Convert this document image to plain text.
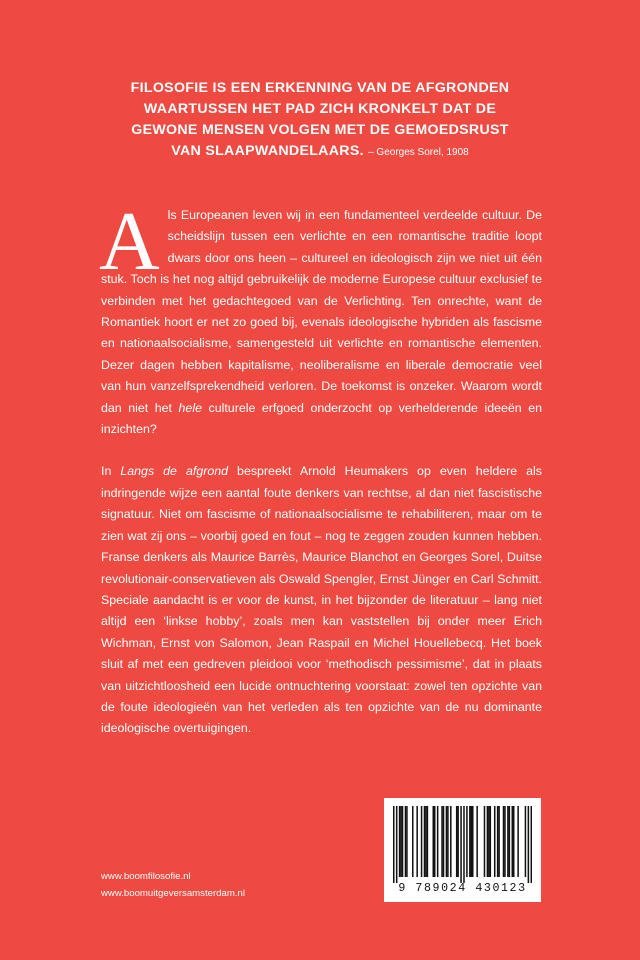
FILOSOFIE IS EEN ERKENNING VAN DE AFGRONDEN WAARTUSSEN HET PAD ZICH KRONKELT DAT DE GEWONE MENSEN VOLGEN MET DE GEMOEDSRUST VAN SLAAPWANDELAARS. – Georges Sorel, 1908

Als Europeanen leven wij in een fundamenteel verdeelde cultuur. De scheidslijn tussen een verlichte en een romantische traditie loopt dwars door ons heen – cultureel en ideologisch zijn we niet uit één stuk. Toch is het nog altijd gebruikelijk de moderne Europese cultuur exclusief te verbinden met het gedachtegoed van de Verlichting. Ten onrechte, want de Romantiek hoort er net zo goed bij, evenals ideologische hybriden als fascisme en nationaalsocialisme, samengesteld uit verlichte en romantische elementen. Dezer dagen hebben kapitalisme, neoliberalisme en liberale democratie veel van hun vanzelfsprekendheid verloren. De toekomst is onzeker. Waarom wordt dan niet het hele culturele erfgoed onderzocht op verhelderende ideeën en inzichten?

In Langs de afgrond bespreekt Arnold Heumakers op even heldere als indringende wijze een aantal foute denkers van rechtse, al dan niet fascistische signatuur. Niet om fascisme of nationaalsocialisme te rehabiliteren, maar om te zien wat zij ons – voorbij goed en fout – nog te zeggen zouden kunnen hebben. Franse denkers als Maurice Barrès, Maurice Blanchot en Georges Sorel, Duitse revolutionair-conservatieven als Oswald Spengler, Ernst Jünger en Carl Schmitt. Speciale aandacht is er voor de kunst, in het bijzonder de literatuur – lang niet altijd een ‘linkse hobby’, zoals men kan vaststellen bij onder meer Erich Wichman, Ernst von Salomon, Jean Raspail en Michel Houellebecq. Het boek sluit af met een gedreven pleidooi voor ‘methodisch pessimisme’, dat in plaats van uitzichtloosheid een lucide ontnuchtering voorstaat: zowel ten opzichte van de foute ideologieën van het verleden als ten opzichte van de nu dominante ideologische overtuigingen.

www.boomfilosofie.nl
www.boomuitgeversamsterdam.nl	9 789024 430123
